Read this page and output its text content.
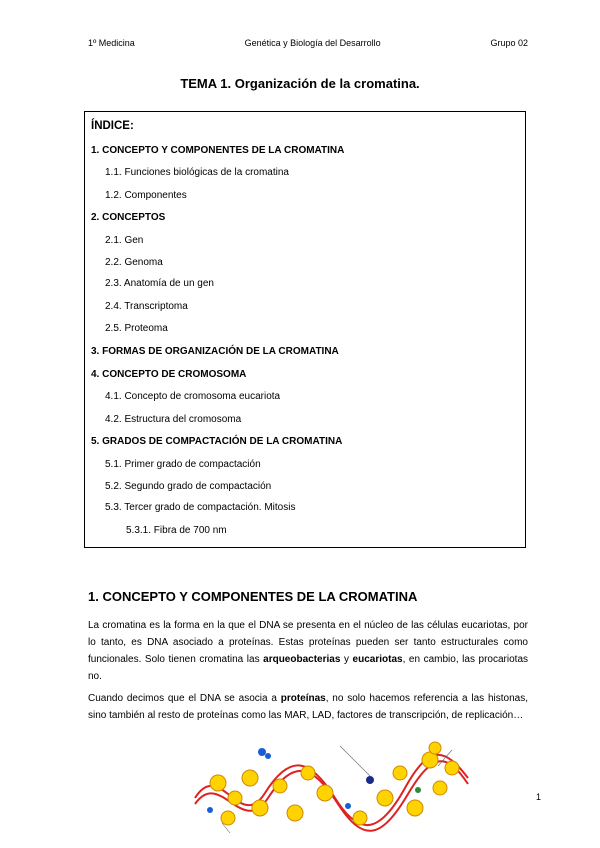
1º Medicina	Genética y Biología del Desarrollo	Grupo 02
TEMA 1. Organización de la cromatina.
ÍNDICE:
1. CONCEPTO Y COMPONENTES DE LA CROMATINA
1.1. Funciones biológicas de la cromatina
1.2. Componentes
2. CONCEPTOS
2.1. Gen
2.2. Genoma
2.3. Anatomía de un gen
2.4. Transcriptoma
2.5. Proteoma
3. FORMAS DE ORGANIZACIÓN DE LA CROMATINA
4. CONCEPTO DE CROMOSOMA
4.1. Concepto de cromosoma eucariota
4.2. Estructura del cromosoma
5. GRADOS DE COMPACTACIÓN DE LA CROMATINA
5.1. Primer grado de compactación
5.2. Segundo grado de compactación
5.3. Tercer grado de compactación. Mitosis
5.3.1. Fibra de 700 nm
1. CONCEPTO Y COMPONENTES DE LA CROMATINA
La cromatina es la forma en la que el DNA se presenta en el núcleo de las células eucariotas, por lo tanto, es DNA asociado a proteínas. Estas proteínas pueden ser tanto estructurales como funcionales. Solo tienen cromatina las arqueobacterias y eucariotas, en cambio, las procariotas no.
Cuando decimos que el DNA se asocia a proteínas, no solo hacemos referencia a las histonas, sino también al resto de proteínas como las MAR, LAD, factores de transcripción, de replicación…
1
